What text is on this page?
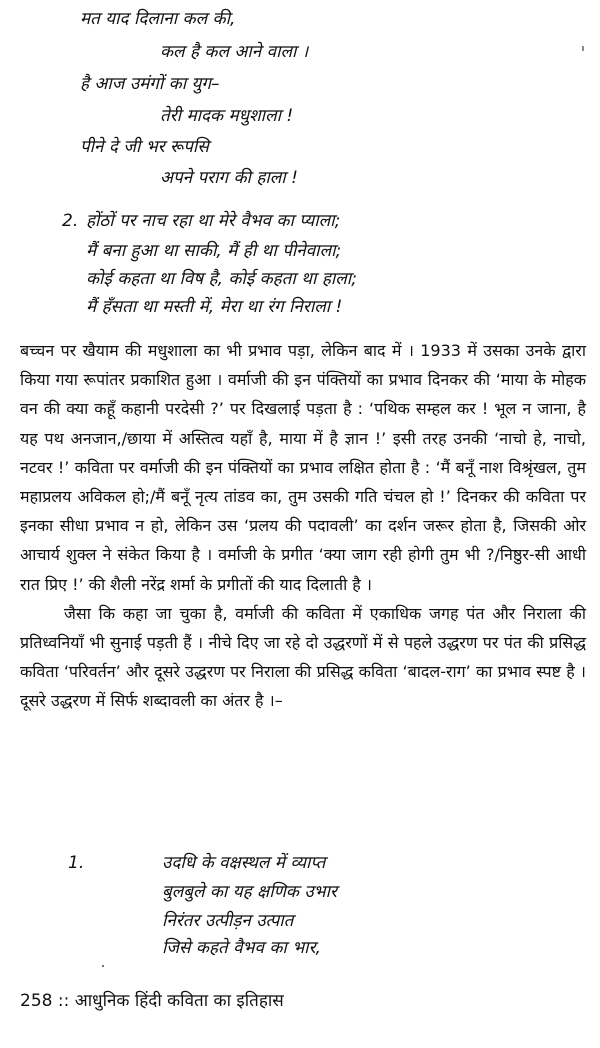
मत याद दिलाना कल की,
कल है कल आने वाला ।
है आज उमंगों का युग–
तेरी मादक मधुशाला !
पीने दे जी भर रूपसि
अपने पराग की हाला !
2. होंठों पर नाच रहा था मेरे वैभव का प्याला;
मैं बना हुआ था साकी, मैं ही था पीनेवाला;
कोई कहता था विष है, कोई कहता था हाला;
मैं हँसता था मस्ती में, मेरा था रंग निराला !

बच्चन पर खैयाम की मधुशाला का भी प्रभाव पड़ा, लेकिन बाद में । 1933 में उसका उनके द्वारा किया गया रूपांतर प्रकाशित हुआ । वर्माजी की इन पंक्तियों का प्रभाव दिनकर की ‘माया के मोहक वन की क्या कहूँ कहानी परदेसी ?’ पर दिखलाई पड़ता है : ‘पथिक सम्हल कर ! भूल न जाना, है यह पथ अनजान,/छाया में अस्तित्व यहाँ है, माया में है ज्ञान !’ इसी तरह उनकी ‘नाचो हे, नाचो, नटवर !’ कविता पर वर्माजी की इन पंक्तियों का प्रभाव लक्षित होता है : ‘मैं बनूँ नाश विश्रृंखल, तुम महाप्रलय अविकल हो;/मैं बनूँ नृत्य तांडव का, तुम उसकी गति चंचल हो !’ दिनकर की कविता पर इनका सीधा प्रभाव न हो, लेकिन उस ‘प्रलय की पदावली’ का दर्शन जरूर होता है, जिसकी ओर आचार्य शुक्ल ने संकेत किया है । वर्माजी के प्रगीत ‘क्या जाग रही होगी तुम भी ?/निष्ठुर-सी आधी रात प्रिए !’ की शैली नरेंद्र शर्मा के प्रगीतों की याद दिलाती है ।

जैसा कि कहा जा चुका है, वर्माजी की कविता में एकाधिक जगह पंत और निराला की प्रतिध्वनियाँ भी सुनाई पड़ती हैं । नीचे दिए जा रहे दो उद्धरणों में से पहले उद्धरण पर पंत की प्रसिद्ध कविता ‘परिवर्तन’ और दूसरे उद्धरण पर निराला की प्रसिद्ध कविता ‘बादल-राग’ का प्रभाव स्पष्ट है । दूसरे उद्धरण में सिर्फ शब्दावली का अंतर है ।–

1.	उदधि के वक्षस्थल में व्याप्त
बुलबुले का यह क्षणिक उभार
निरंतर उत्पीड़न उत्पात
जिसे कहते वैभव का भार,
258 :: आधुनिक हिंदी कविता का इतिहास
